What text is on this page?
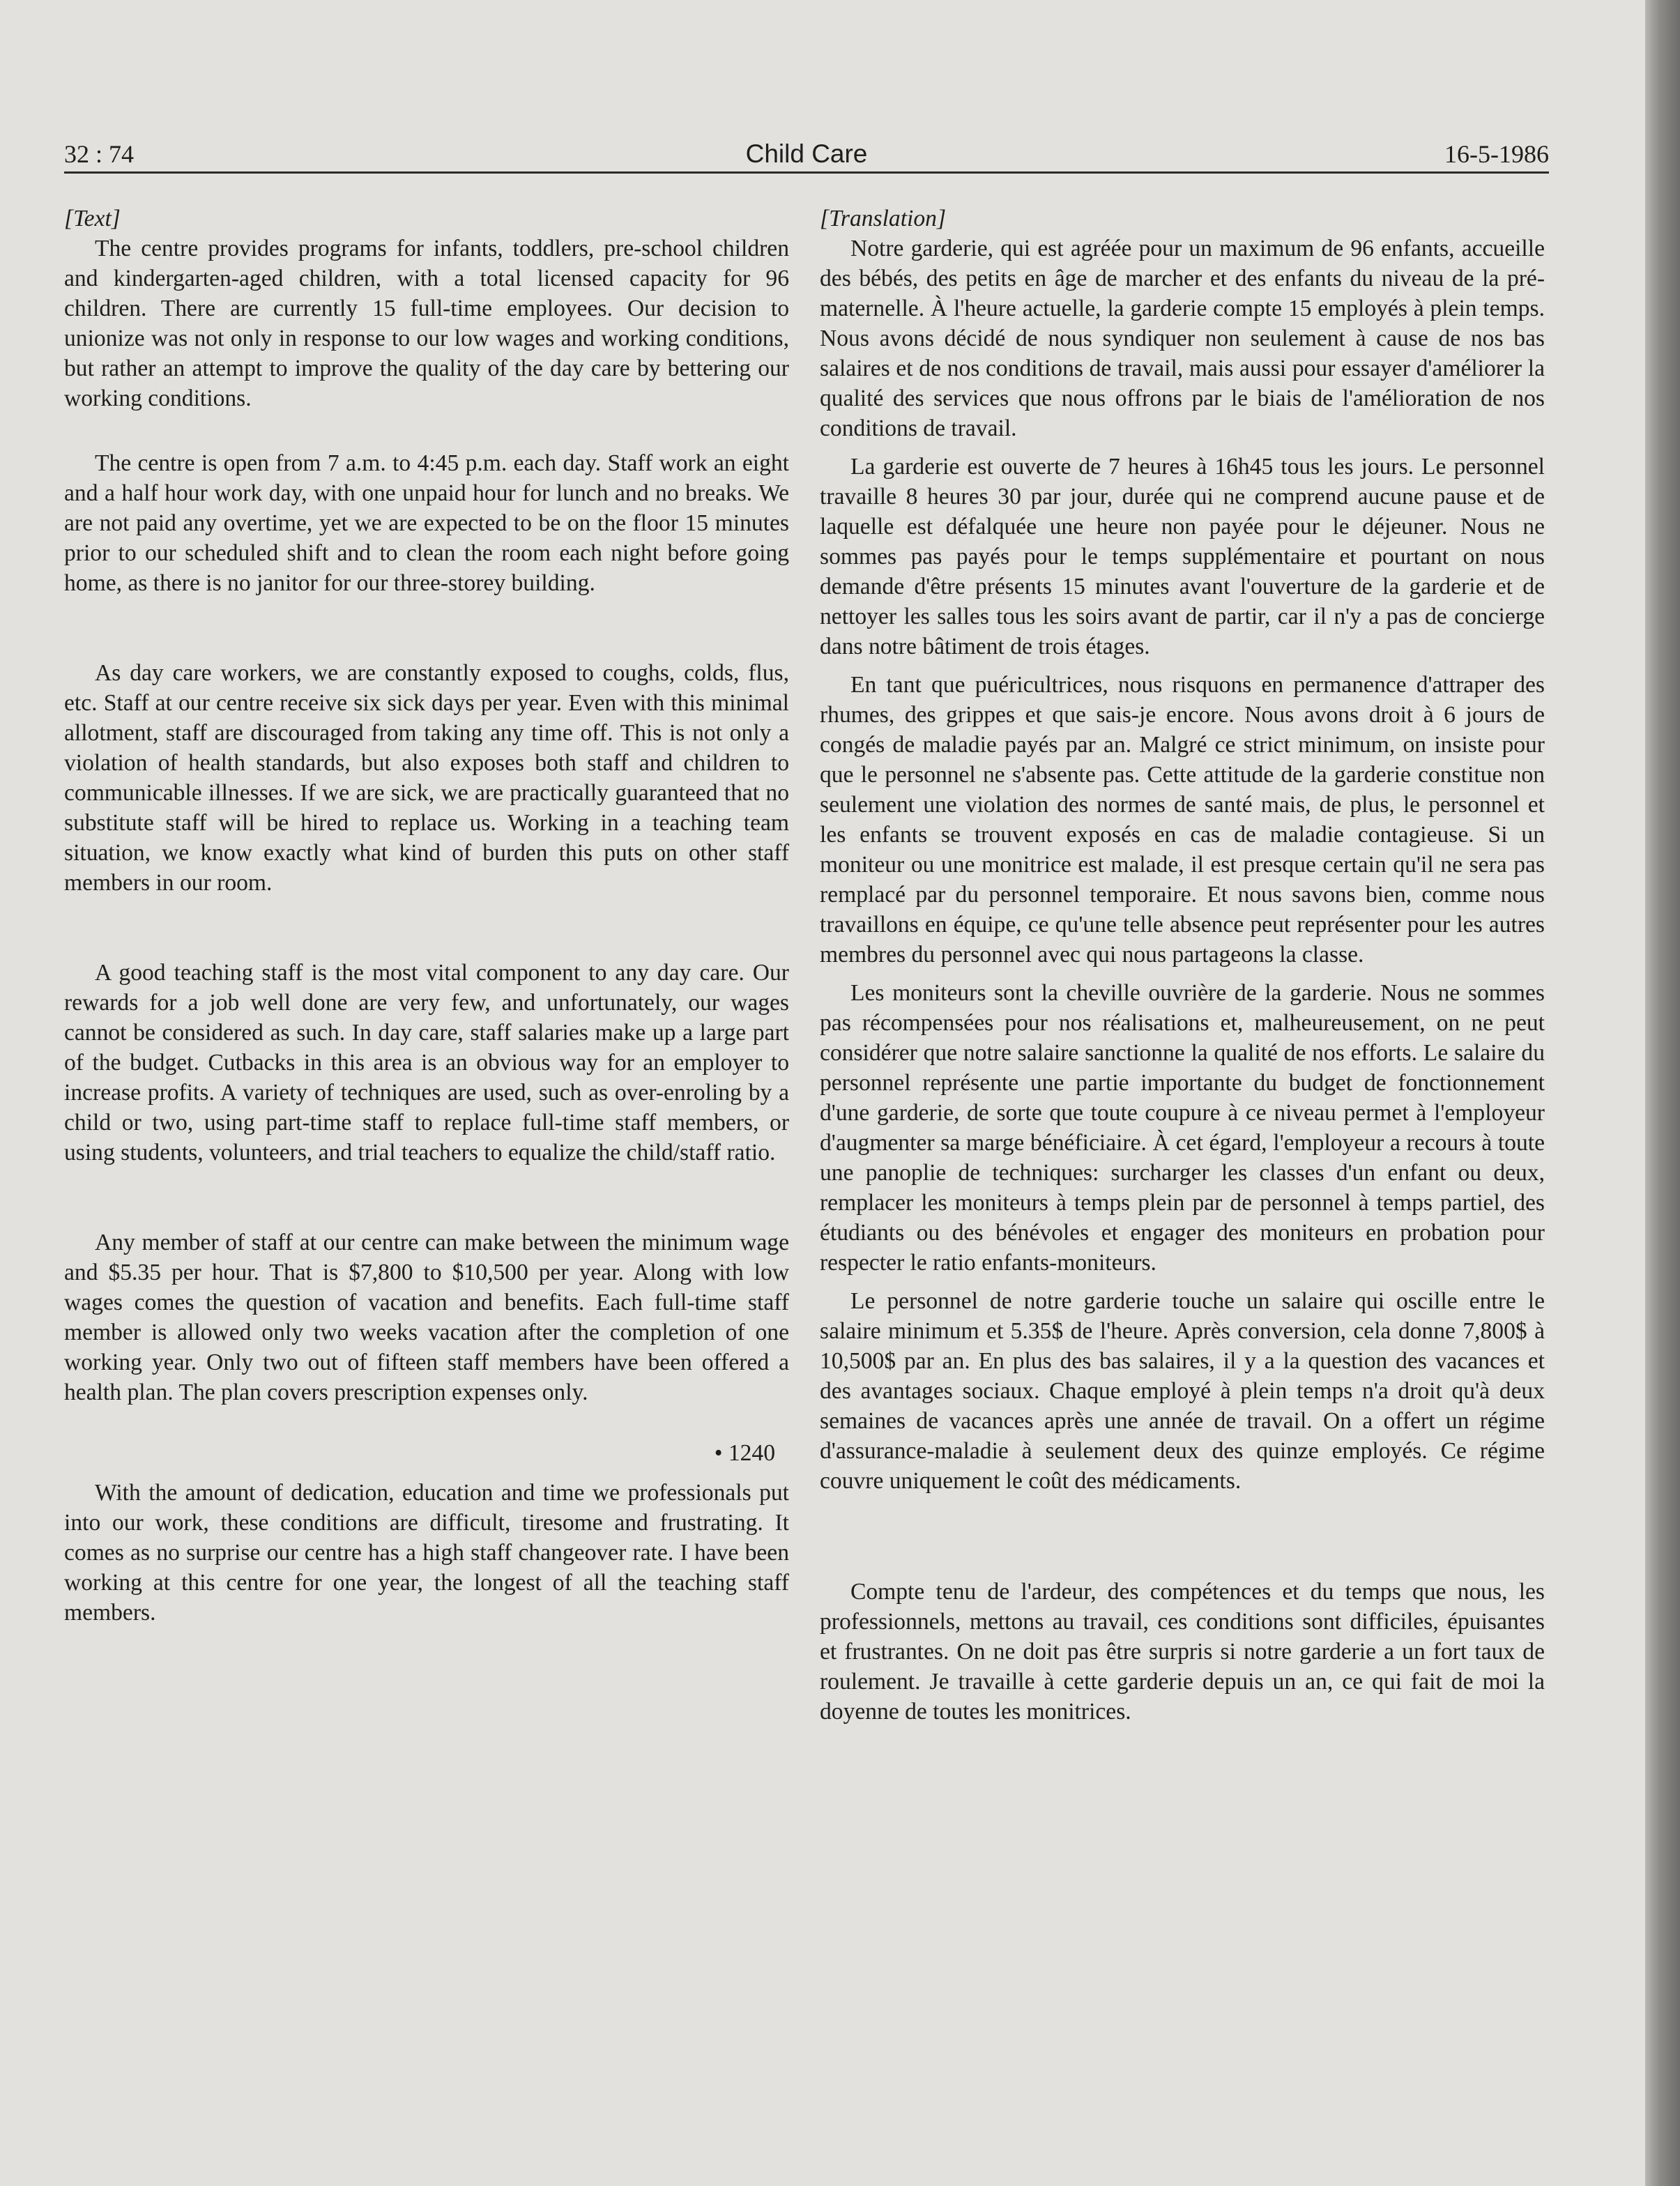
32 : 74	Child Care	16-5-1986
[Text]

The centre provides programs for infants, toddlers, pre-school children and kindergarten-aged children, with a total licensed capacity for 96 children. There are currently 15 full-time employees. Our decision to unionize was not only in response to our low wages and working conditions, but rather an attempt to improve the quality of the day care by bettering our working conditions.

The centre is open from 7 a.m. to 4:45 p.m. each day. Staff work an eight and a half hour work day, with one unpaid hour for lunch and no breaks. We are not paid any overtime, yet we are expected to be on the floor 15 minutes prior to our scheduled shift and to clean the room each night before going home, as there is no janitor for our three-storey building.

As day care workers, we are constantly exposed to coughs, colds, flus, etc. Staff at our centre receive six sick days per year. Even with this minimal allotment, staff are discouraged from taking any time off. This is not only a violation of health standards, but also exposes both staff and children to communicable illnesses. If we are sick, we are practically guaranteed that no substitute staff will be hired to replace us. Working in a teaching team situation, we know exactly what kind of burden this puts on other staff members in our room.

A good teaching staff is the most vital component to any day care. Our rewards for a job well done are very few, and unfortunately, our wages cannot be considered as such. In day care, staff salaries make up a large part of the budget. Cutbacks in this area is an obvious way for an employer to increase profits. A variety of techniques are used, such as over-enroling by a child or two, using part-time staff to replace full-time staff members, or using students, volunteers, and trial teachers to equalize the child/staff ratio.

Any member of staff at our centre can make between the minimum wage and $5.35 per hour. That is $7,800 to $10,500 per year. Along with low wages comes the question of vacation and benefits. Each full-time staff member is allowed only two weeks vacation after the completion of one working year. Only two out of fifteen staff members have been offered a health plan. The plan covers prescription expenses only.

• 1240

With the amount of dedication, education and time we professionals put into our work, these conditions are difficult, tiresome and frustrating. It comes as no surprise our centre has a high staff changeover rate. I have been working at this centre for one year, the longest of all the teaching staff members.

[Translation]

Notre garderie, qui est agréée pour un maximum de 96 enfants, accueille des bébés, des petits en âge de marcher et des enfants du niveau de la pré-maternelle. À l'heure actuelle, la garderie compte 15 employés à plein temps. Nous avons décidé de nous syndiquer non seulement à cause de nos bas salaires et de nos conditions de travail, mais aussi pour essayer d'améliorer la qualité des services que nous offrons par le biais de l'amélioration de nos conditions de travail.

La garderie est ouverte de 7 heures à 16h45 tous les jours. Le personnel travaille 8 heures 30 par jour, durée qui ne comprend aucune pause et de laquelle est défalquée une heure non payée pour le déjeuner. Nous ne sommes pas payés pour le temps supplémentaire et pourtant on nous demande d'être présents 15 minutes avant l'ouverture de la garderie et de nettoyer les salles tous les soirs avant de partir, car il n'y a pas de concierge dans notre bâtiment de trois étages.

En tant que puéricultrices, nous risquons en permanence d'attraper des rhumes, des grippes et que sais-je encore. Nous avons droit à 6 jours de congés de maladie payés par an. Malgré ce strict minimum, on insiste pour que le personnel ne s'absente pas. Cette attitude de la garderie constitue non seulement une violation des normes de santé mais, de plus, le personnel et les enfants se trouvent exposés en cas de maladie contagieuse. Si un moniteur ou une monitrice est malade, il est presque certain qu'il ne sera pas remplacé par du personnel temporaire. Et nous savons bien, comme nous travaillons en équipe, ce qu'une telle absence peut représenter pour les autres membres du personnel avec qui nous partageons la classe.

Les moniteurs sont la cheville ouvrière de la garderie. Nous ne sommes pas récompensées pour nos réalisations et, malheureusement, on ne peut considérer que notre salaire sanctionne la qualité de nos efforts. Le salaire du personnel représente une partie importante du budget de fonctionnement d'une garderie, de sorte que toute coupure à ce niveau permet à l'employeur d'augmenter sa marge bénéficiaire. À cet égard, l'employeur a recours à toute une panoplie de techniques: surcharger les classes d'un enfant ou deux, remplacer les moniteurs à temps plein par de personnel à temps partiel, des étudiants ou des bénévoles et engager des moniteurs en probation pour respecter le ratio enfants-moniteurs.

Le personnel de notre garderie touche un salaire qui oscille entre le salaire minimum et 5.35$ de l'heure. Après conversion, cela donne 7,800$ à 10,500$ par an. En plus des bas salaires, il y a la question des vacances et des avantages sociaux. Chaque employé à plein temps n'a droit qu'à deux semaines de vacances après une année de travail. On a offert un régime d'assurance-maladie à seulement deux des quinze employés. Ce régime couvre uniquement le coût des médicaments.

Compte tenu de l'ardeur, des compétences et du temps que nous, les professionnels, mettons au travail, ces conditions sont difficiles, épuisantes et frustrantes. On ne doit pas être surpris si notre garderie a un fort taux de roulement. Je travaille à cette garderie depuis un an, ce qui fait de moi la doyenne de toutes les monitrices.
